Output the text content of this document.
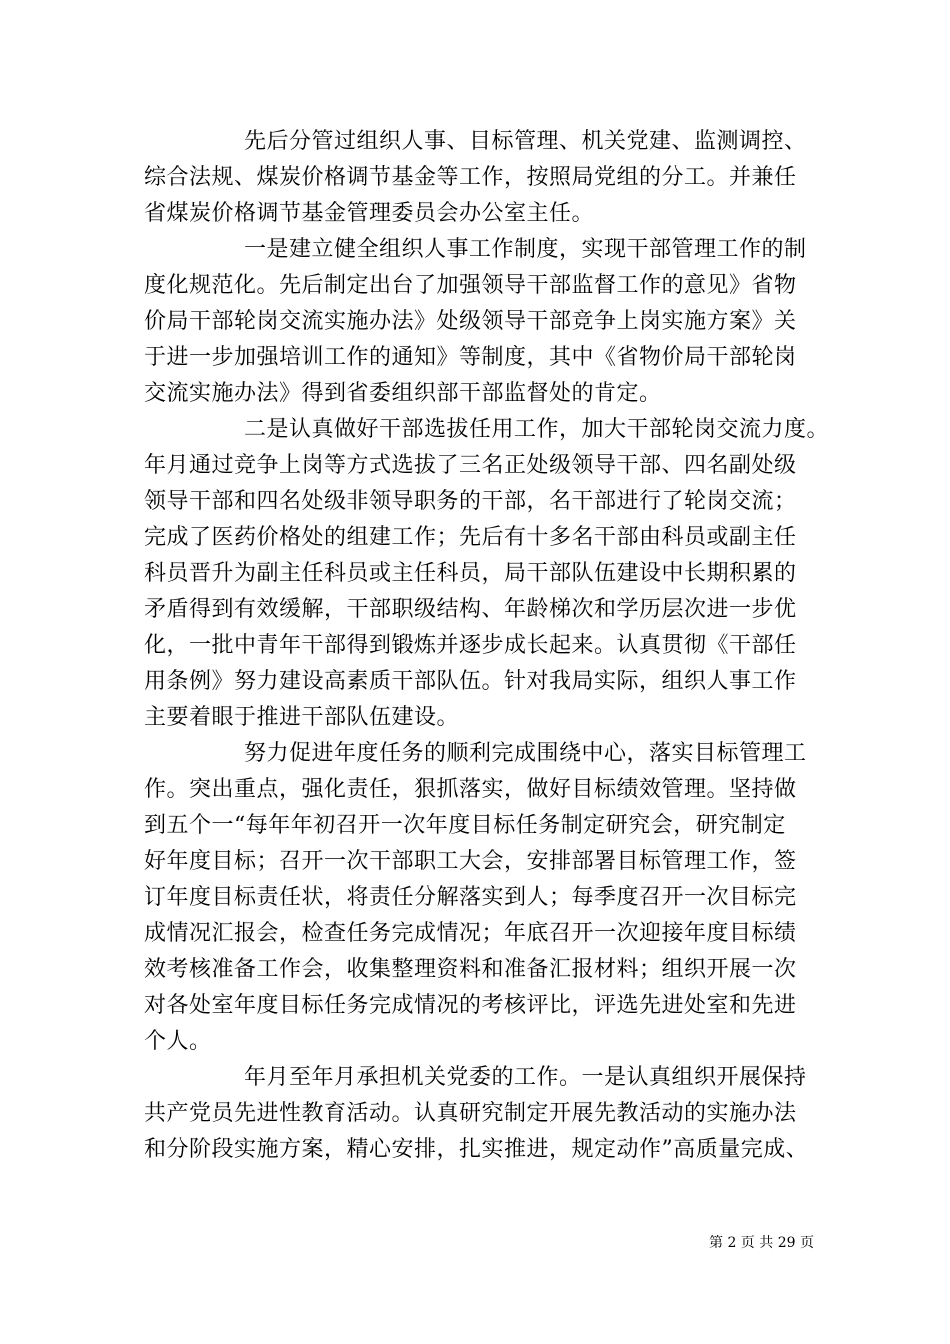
先后分管过组织人事、目标管理、机关党建、监测调控、
综合法规、煤炭价格调节基金等工作，按照局党组的分工。并兼任
省煤炭价格调节基金管理委员会办公室主任。
一是建立健全组织人事工作制度，实现干部管理工作的制
度化规范化。先后制定出台了加强领导干部监督工作的意见》省物
价局干部轮岗交流实施办法》处级领导干部竞争上岗实施方案》关
于进一步加强培训工作的通知》等制度，其中《省物价局干部轮岗
交流实施办法》得到省委组织部干部监督处的肯定。
二是认真做好干部选拔任用工作，加大干部轮岗交流力度。
年月通过竞争上岗等方式选拔了三名正处级领导干部、四名副处级
领导干部和四名处级非领导职务的干部，名干部进行了轮岗交流；
完成了医药价格处的组建工作；先后有十多名干部由科员或副主任
科员晋升为副主任科员或主任科员，局干部队伍建设中长期积累的
矛盾得到有效缓解，干部职级结构、年龄梯次和学历层次进一步优
化，一批中青年干部得到锻炼并逐步成长起来。认真贯彻《干部任
用条例》努力建设高素质干部队伍。针对我局实际，组织人事工作
主要着眼于推进干部队伍建设。
努力促进年度任务的顺利完成围绕中心，落实目标管理工
作。突出重点，强化责任，狠抓落实，做好目标绩效管理。坚持做
到五个一“每年年初召开一次年度目标任务制定研究会，研究制定
好年度目标；召开一次干部职工大会，安排部署目标管理工作，签
订年度目标责任状，将责任分解落实到人；每季度召开一次目标完
成情况汇报会，检查任务完成情况；年底召开一次迎接年度目标绩
效考核准备工作会，收集整理资料和准备汇报材料；组织开展一次
对各处室年度目标任务完成情况的考核评比，评选先进处室和先进
个人。
年月至年月承担机关党委的工作。一是认真组织开展保持
共产党员先进性教育活动。认真研究制定开展先教活动的实施办法
和分阶段实施方案，精心安排，扎实推进，规定动作”高质量完成、
第 2 页 共 29 页
